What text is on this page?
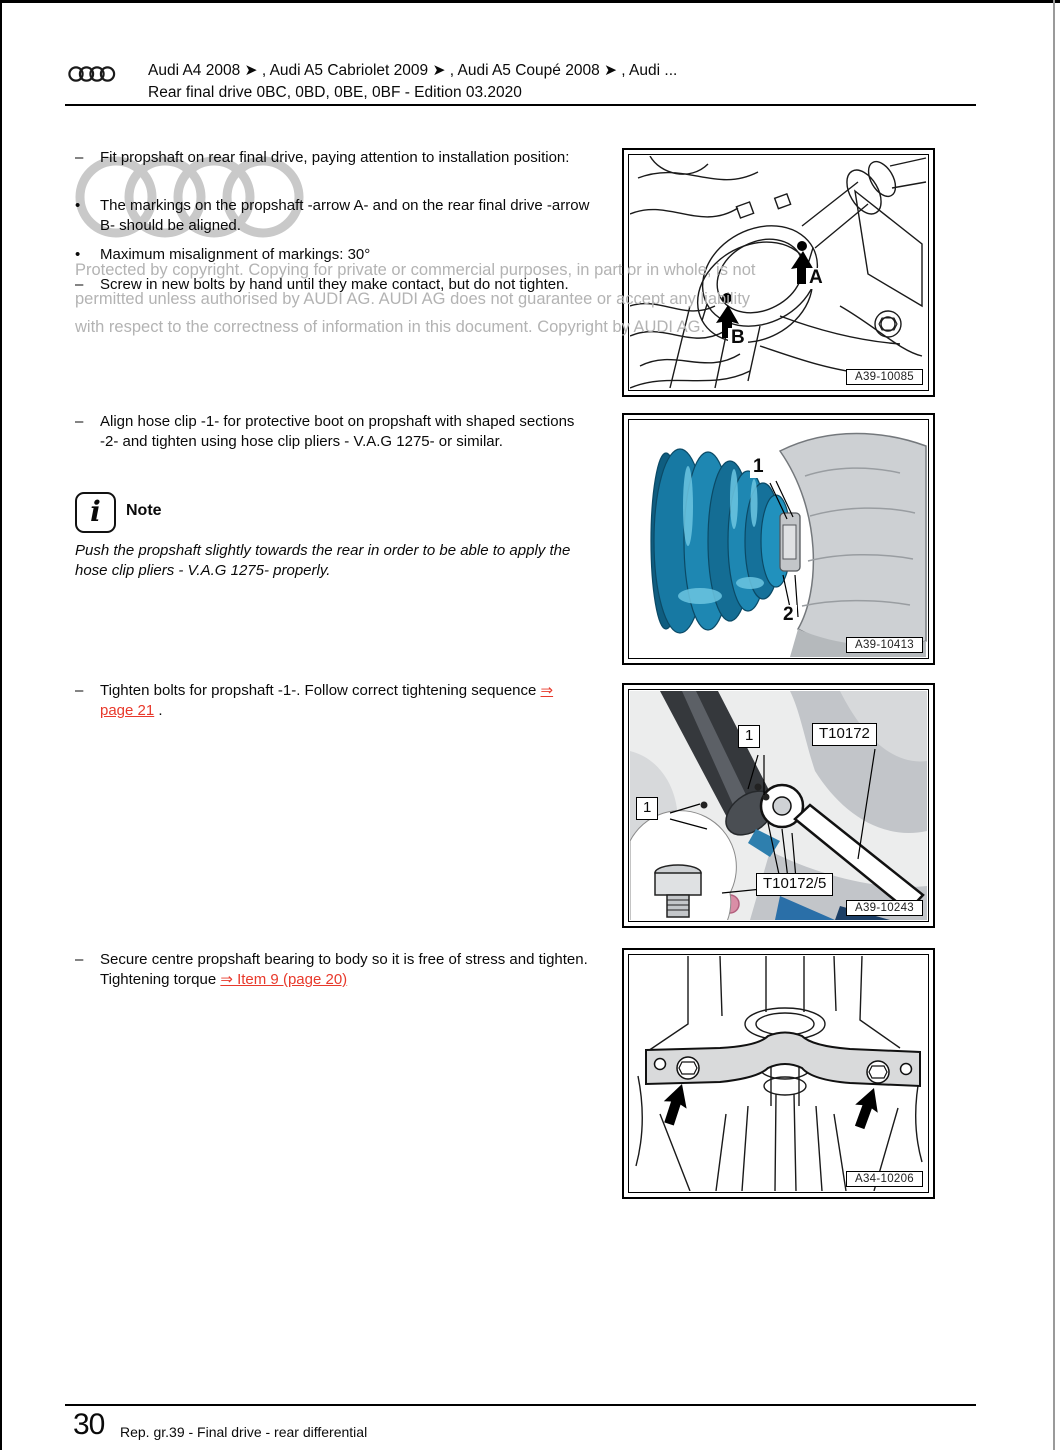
Audi A4 2008 ➤ , Audi A5 Cabriolet 2009 ➤ , Audi A5 Coupé 2008 ➤ , Audi ...
Rear final drive 0BC, 0BD, 0BE, 0BF - Edition 03.2020
Protected by copyright. Copying for private or commercial purposes, in part or in whole, is not
permitted unless authorised by AUDI AG. AUDI AG does not guarantee or accept any liability
with respect to the correctness of information in this document. Copyright by AUDI AG.
– Fit propshaft on rear final drive, paying attention to installation position:
• The markings on the propshaft -arrow A- and on the rear final drive -arrow B- should be aligned.
• Maximum misalignment of markings: 30°
– Screw in new bolts by hand until they make contact, but do not tighten.
– Align hose clip -1- for protective boot on propshaft with shaped sections -2- and tighten using hose clip pliers - V.A.G 1275- or similar.
i Note
Push the propshaft slightly towards the rear in order to be able to apply the hose clip pliers - V.A.G 1275- properly.
– Tighten bolts for propshaft -1-. Follow correct tightening sequence ⇒ page 21 .
– Secure centre propshaft bearing to body so it is free of stress and tighten. Tightening torque ⇒ Item 9 (page 20)
A
B
A39-10085
1
2
A39-10413
1
1
T10172
T10172/5
A39-10243
A34-10206
30 Rep. gr.39 - Final drive - rear differential
